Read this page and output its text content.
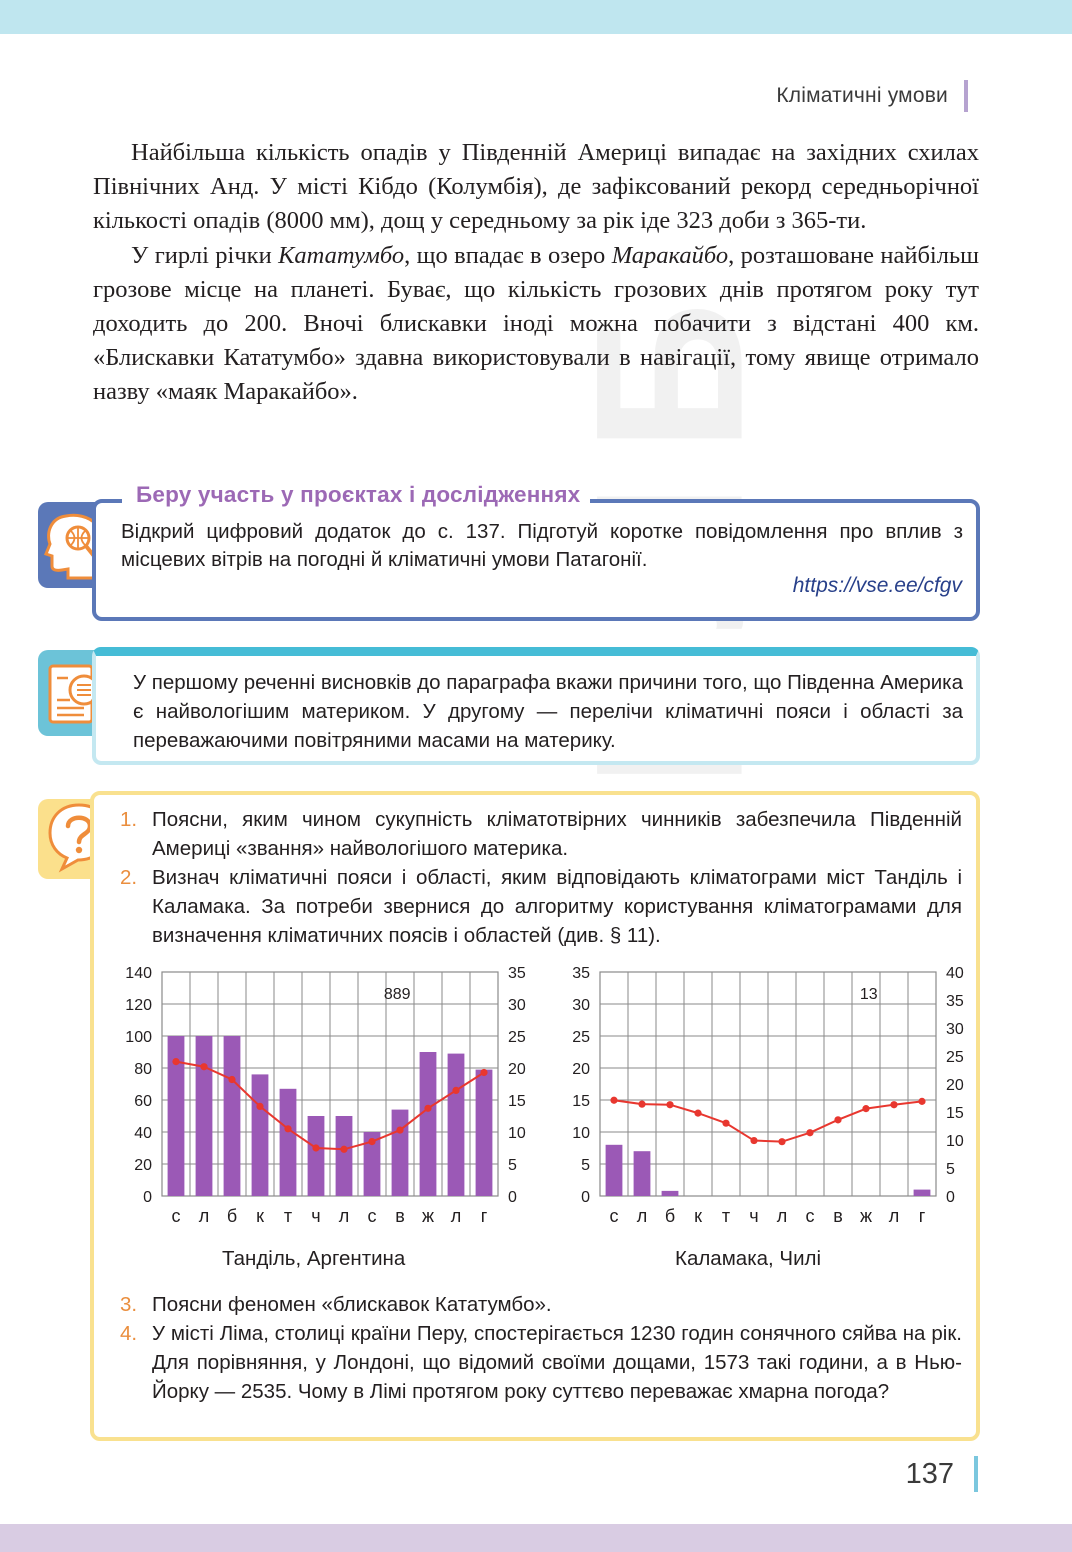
Кліматичні умови

Найбільша кількість опадів у Південній Америці випадає на західних схилах Північних Анд. У місті Кібдо (Колумбія), де зафіксований рекорд середньорічної кількості опадів (8000 мм), дощ у середньому за рік іде 323 доби з 365-ти.

У гирлі річки Кататумбо, що впадає в озеро Маракайбо, розташоване найбільш грозове місце на планеті. Буває, що кількість грозових днів протягом року тут доходить до 200. Вночі блискавки іноді можна побачити з відстані 400 км. «Блискавки Кататумбо» здавна використовували в навігації, тому явище отримало назву «маяк Маракайбо».

Беру участь у проєктах і дослідженнях
Відкрий цифровий додаток до с. 137. Підготуй коротке повідомлення про вплив з місцевих вітрів на погодні й кліматичні умови Патагонії.
https://vse.ee/cfgv
У першому реченні висновків до параграфа вкажи причини того, що Південна Америка є найвологішим материком. У другому — перелічи кліматичні пояси і області за переважаючими повітряними масами на материку.
1. Поясни, яким чином сукупність кліматотвірних чинників забезпечила Південній Америці «звання» найвологішого материка.
2. Визнач кліматичні пояси і області, яким відповідають кліматограми міст Танділь і Каламака. За потреби звернися до алгоритму користування кліматограмами для визначення кліматичних поясів і областей (див. § 11).
0
20
40
60
80
100
120
140
0
5
10
15
20
25
30
35
с л б к т ч л с в ж л г
889
Танділь, Аргентина
0
5
10
15
20
25
30
35
0
5
10
15
20
25
30
35
40
с л б к т ч л с в ж л г
13
Каламака, Чилі
3. Поясни феномен «блискавок Кататумбо».
4. У місті Ліма, столиці країни Перу, спостерігається 1230 годин сонячного сяйва на рік. Для порівняння, у Лондоні, що відомий своїми дощами, 1573 такі години, а в Нью-Йорку — 2535. Чому в Лімі протягом року суттєво переважає хмарна погода?
137
